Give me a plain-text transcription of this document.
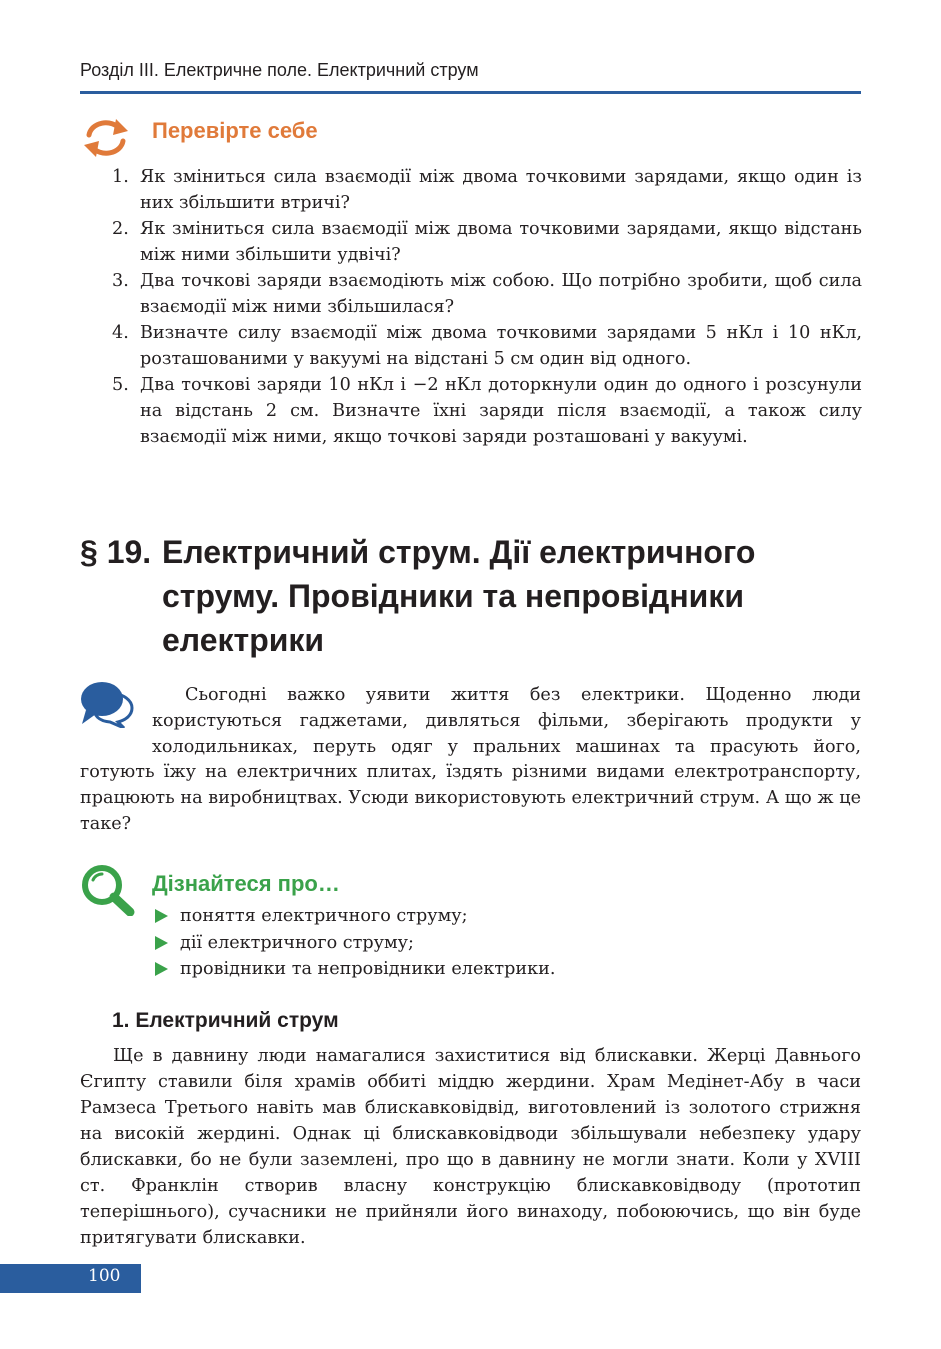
Розділ ІІІ. Електричне поле. Електричний струм
Перевірте себе
1. Як зміниться сила взаємодії між двома точковими зарядами, якщо один із них збільшити втричі?
2. Як зміниться сила взаємодії між двома точковими зарядами, якщо відстань між ними збільшити удвічі?
3. Два точкові заряди взаємодіють між собою. Що потрібно зробити, щоб сила взаємодії між ними збільшилася?
4. Визначте силу взаємодії між двома точковими зарядами 5 нКл і 10 нКл, розташованими у вакуумі на відстані 5 см один від одного.
5. Два точкові заряди 10 нКл і −2 нКл доторкнули один до одного і розсунули на відстань 2 см. Визначте їхні заряди після взаємодії, а також силу взаємодії між ними, якщо точкові заряди розташовані у вакуумі.
§ 19. Електричний струм. Дії електричного струму. Провідники та непровідники електрики

Сьогодні важко уявити життя без електрики. Щоденно люди користуються гаджетами, дивляться фільми, зберігають продукти у холодильниках, перуть одяг у пральних машинах та прасують його, готують їжу на електричних плитах, їздять різними видами електротранспорту, працюють на виробництвах. Усюди використовують електричний струм. А що ж це таке?

Дізнайтеся про…
поняття електричного струму;
дії електричного струму;
провідники та непровідники електрики.
1. Електричний струм

Ще в давнину люди намагалися захиститися від блискавки. Жерці Давнього Єгипту ставили біля храмів оббиті міддю жердини. Храм Медінет-Абу в часи Рамзеса Третього навіть мав блискавковідвід, виготовлений із золотого стрижня на високій жердині. Однак ці блискавковідводи збільшували небезпеку удару блискавки, бо не були заземлені, про що в давнину не могли знати. Коли у XVIII ст. Франклін створив власну конструкцію блискавковідводу (прототип теперішнього), сучасники не прийняли його винаходу, побоюючись, що він буде притягувати блискавки.

100
